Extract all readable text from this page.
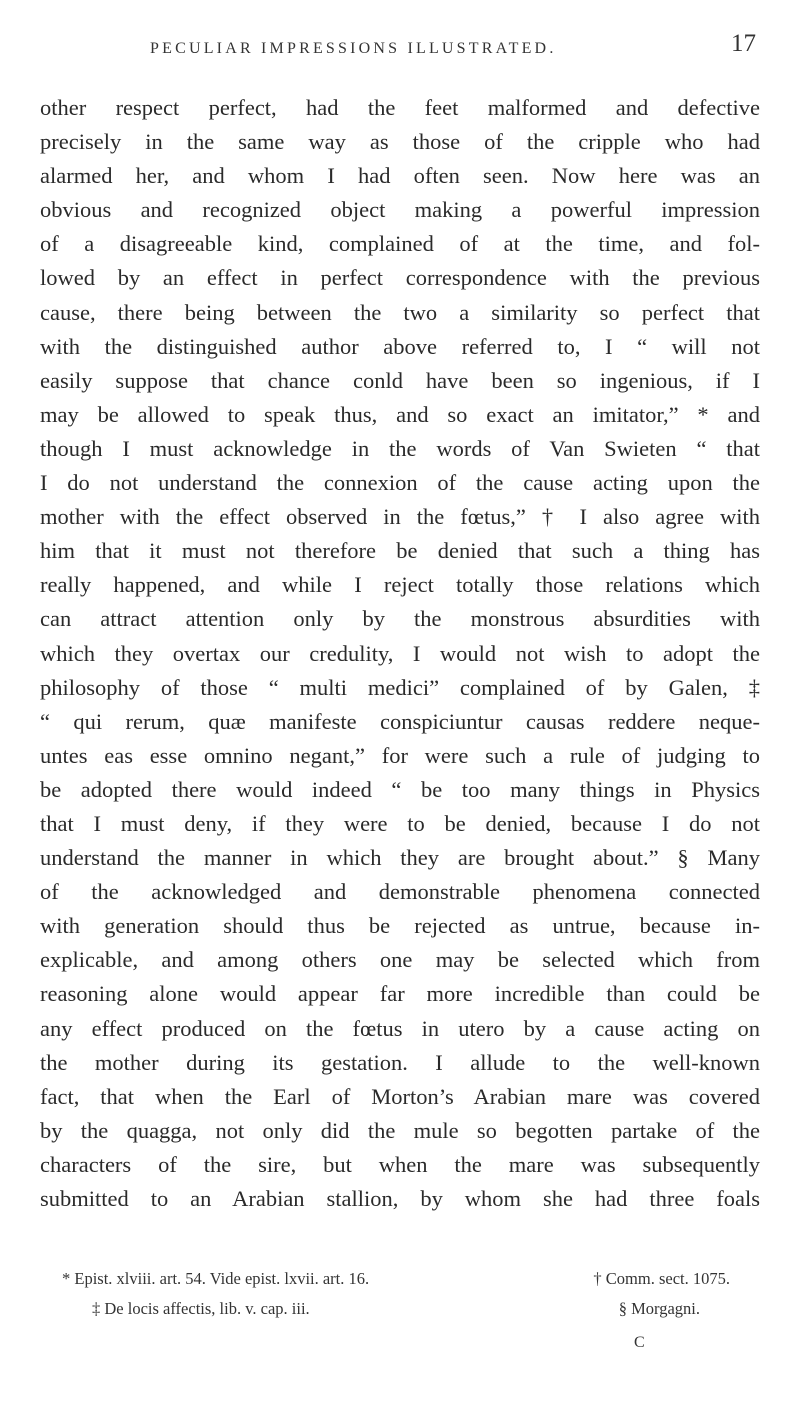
PECULIAR IMPRESSIONS ILLUSTRATED.	17
other respect perfect, had the feet malformed and defective
precisely in the same way as those of the cripple who had
alarmed her, and whom I had often seen. Now here was an
obvious and recognized object making a powerful impression
of a disagreeable kind, complained of at the time, and fol-
lowed by an effect in perfect correspondence with the previous
cause, there being between the two a similarity so perfect that
with the distinguished author above referred to, I “ will not
easily suppose that chance conld have been so ingenious, if I
may be allowed to speak thus, and so exact an imitator,” * and
though I must acknowledge in the words of Van Swieten “ that
I do not understand the connexion of the cause acting upon the
mother with the effect observed in the fœtus,” † I also agree with
him that it must not therefore be denied that such a thing has
really happened, and while I reject totally those relations which
can attract attention only by the monstrous absurdities with
which they overtax our credulity, I would not wish to adopt the
philosophy of those “ multi medici” complained of by Galen, ‡
“ qui rerum, quæ manifeste conspiciuntur causas reddere neque-
untes eas esse omnino negant,” for were such a rule of judging to
be adopted there would indeed “ be too many things in Physics
that I must deny, if they were to be denied, because I do not
understand the manner in which they are brought about.” § Many
of the acknowledged and demonstrable phenomena connected
with generation should thus be rejected as untrue, because in-
explicable, and among others one may be selected which from
reasoning alone would appear far more incredible than could be
any effect produced on the fœtus in utero by a cause acting on
the mother during its gestation. I allude to the well-known
fact, that when the Earl of Morton’s Arabian mare was covered
by the quagga, not only did the mule so begotten partake of the
characters of the sire, but when the mare was subsequently
submitted to an Arabian stallion, by whom she had three foals
* Epist. xlviii. art. 54. Vide epist. lxvii. art. 16.	† Comm. sect. 1075.
‡ De locis affectis, lib. v. cap. iii.	§ Morgagni.
C
